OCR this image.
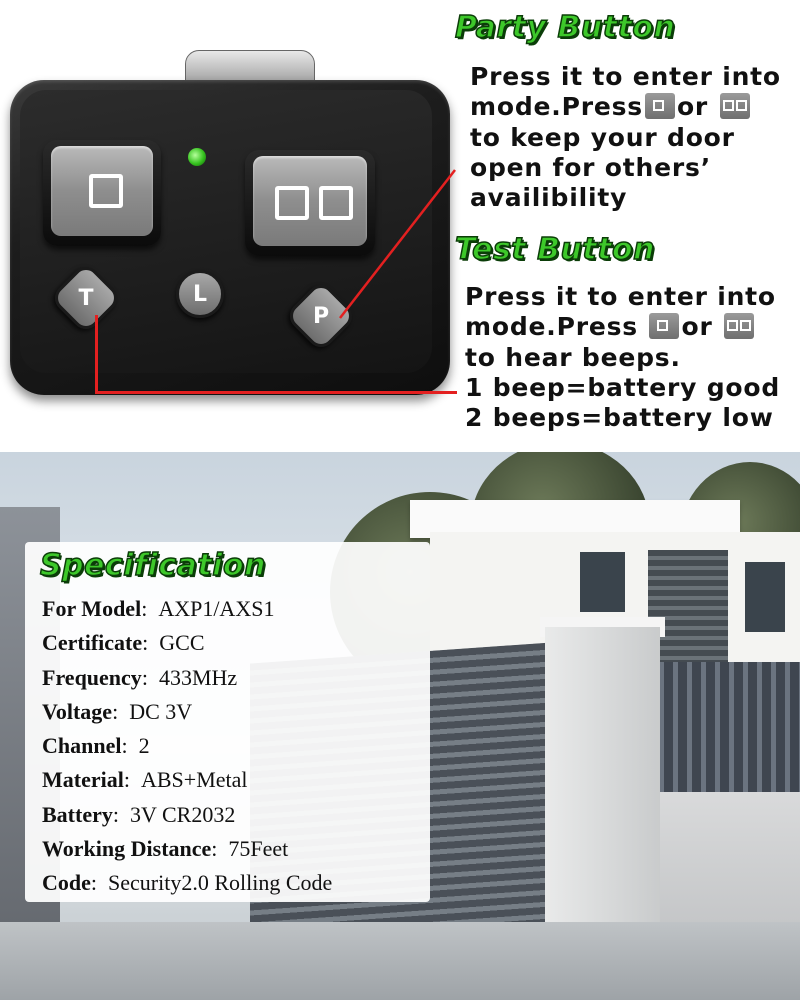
T	L
P
Party Button
Press it to enter into
mode.Press or
to keep your door
open for others’
availibility
Test Button
Press it to enter into
mode.Press or
to hear beeps.
1 beep=battery good
2 beeps=battery low
Specification
For Model: AXP1/AXS1
Certificate: GCC
Frequency: 433MHz
Voltage: DC 3V
Channel: 2
Material: ABS+Metal
Battery: 3V CR2032
Working Distance: 75Feet
Code: Security2.0 Rolling Code
